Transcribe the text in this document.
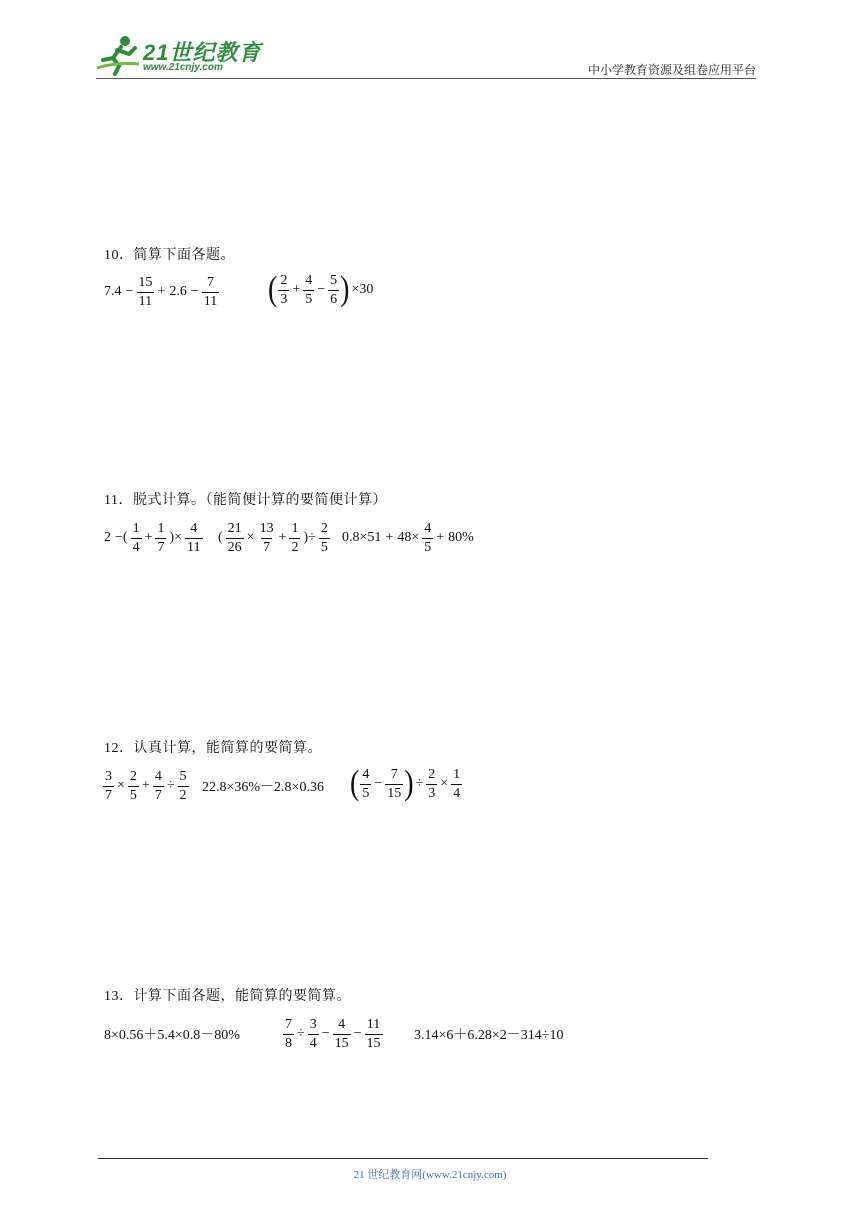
21世纪教育
www.21cnjy.com	中小学教育资源及组卷应用平台
10．简算下面各题。
$7.4 - \frac{15}{11} + 2.6 - \frac{7}{11}$ ( $\frac{2}{3} + \frac{4}{5} - \frac{5}{6}$ ) ×30
11．脱式计算。（能简便计算的要简便计算）
2 −( $\frac{1}{4} + \frac{1}{7}$ )× $\frac{4}{11}$ ( $\frac{21}{26} \times \frac{13}{7} + \frac{1}{2}$ )÷ $\frac{2}{5} 0.8\times 51 + 48\times \frac{4}{5} + 80\%$
12．认真计算，能简算的要简算。
$\frac{3}{7} \times \frac{2}{5} + \frac{4}{7} \div \frac{5}{2} 22.8\times 36\%-2.8\times 0.36$ ( $\frac{4}{5} - \frac{7}{15}$ ) ÷ $\frac{2}{3} \times \frac{1}{4}$
13．计算下面各题，能简算的要简算。
8×0.56＋5.4×0.8－80%	$\frac{7}{8} \div \frac{3}{4} - \frac{4}{15} - \frac{11}{15} 3.14\times 6+6.28\times 2-314\div 10$
21 世纪教育网(www.21cnjy.com)
